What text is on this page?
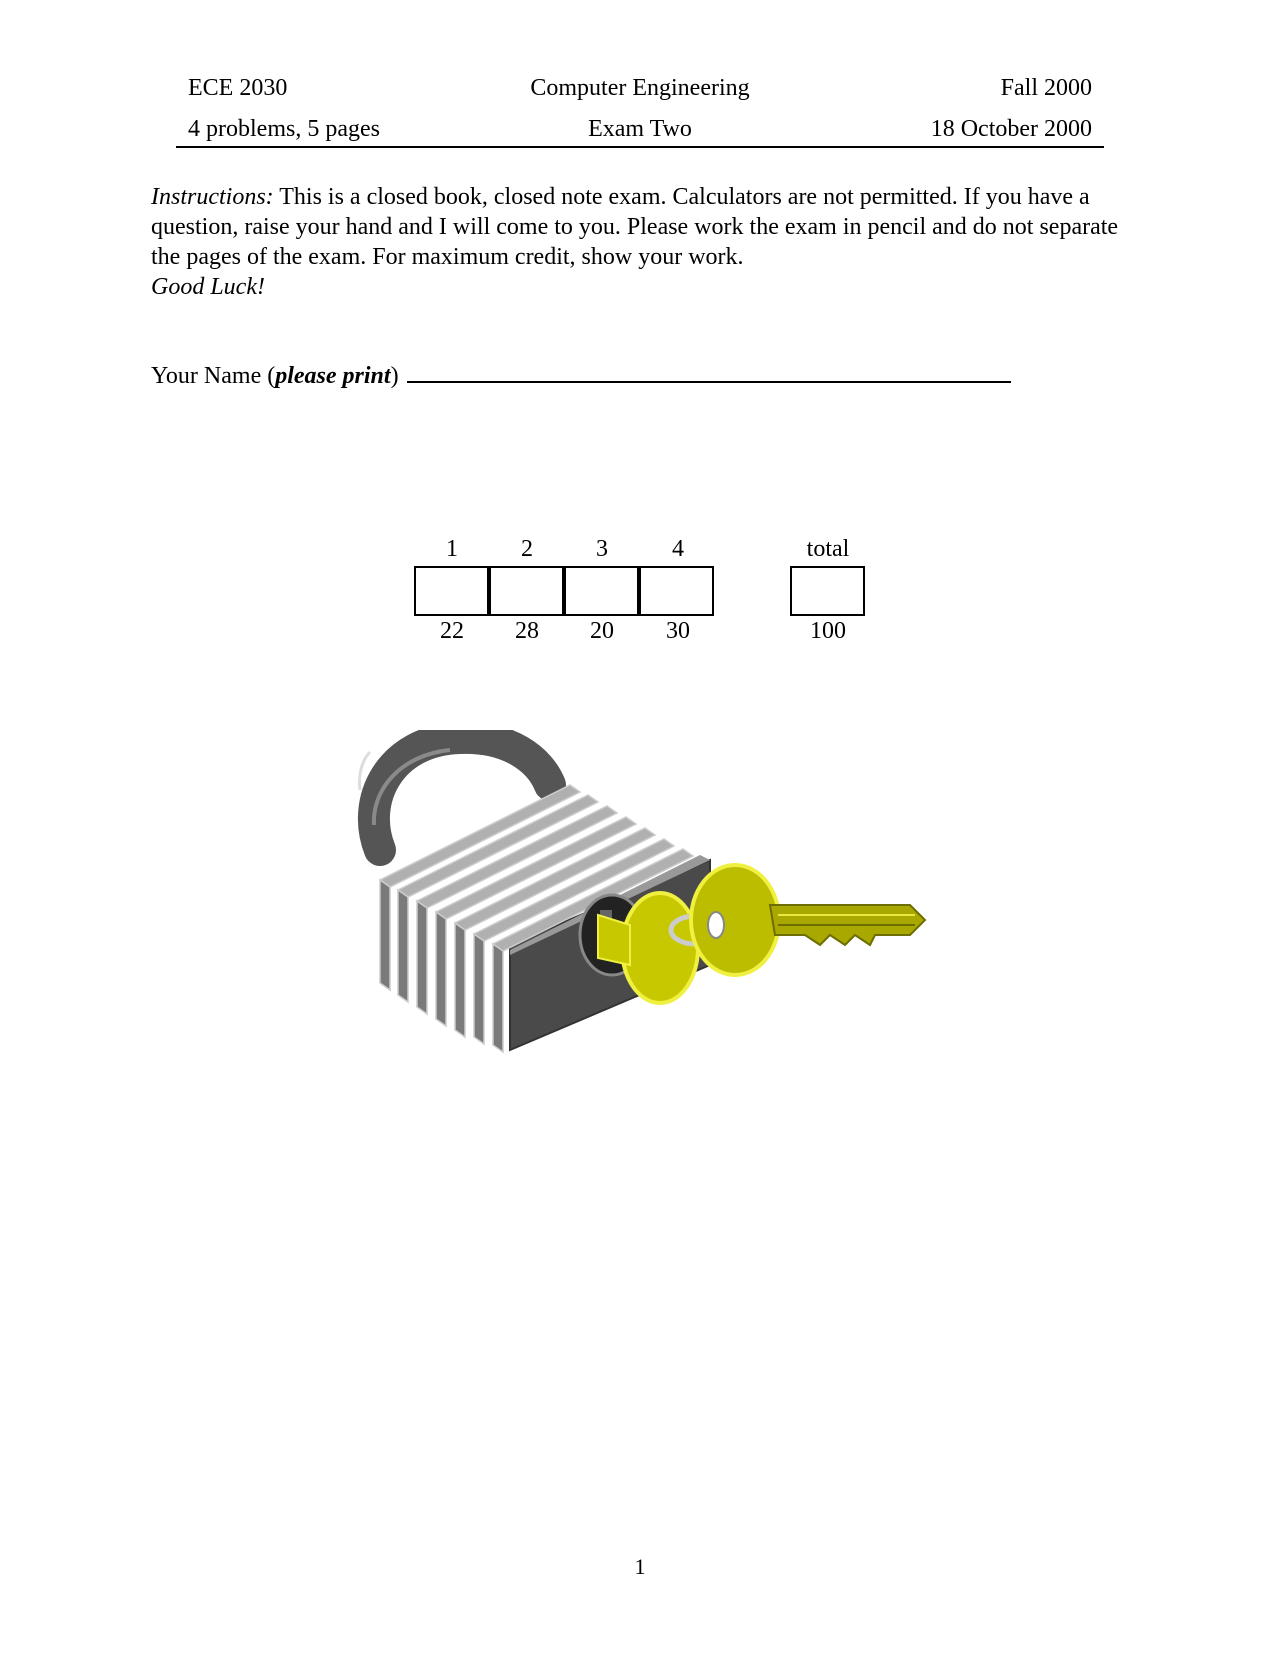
ECE 2030	Computer Engineering	Fall 2000
4 problems, 5 pages	Exam Two	18 October 2000
Instructions: This is a closed book, closed note exam. Calculators are not permitted. If you have a question, raise your hand and I will come to you. Please work the exam in pencil and do not separate the pages of the exam. For maximum credit, show your work.
Good Luck!
Your Name (please print)
1	2	3	4	total
22	28	20	30	100
1
